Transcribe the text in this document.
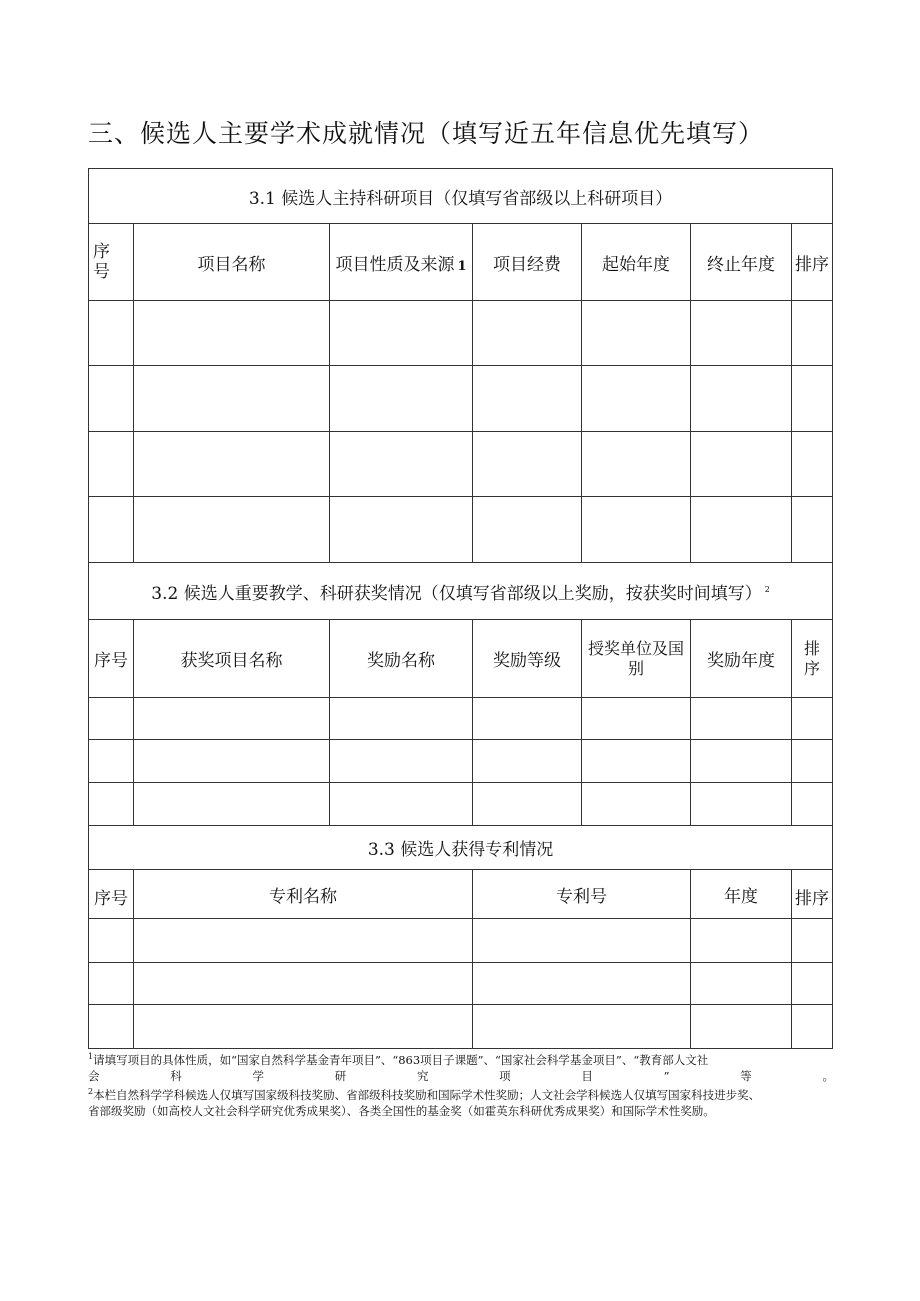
三、候选人主要学术成就情况（填写近五年信息优先填写）
3.1 候选人主持科研项目（仅填写省部级以上科研项目）						

序号	项目名称	项目性质及来源 1	项目经费	起始年度	终止年度	排序

3.2 候选人重要教学、科研获奖情况（仅填写省部级以上奖励，按获奖时间填写） $^2$
序号	获奖项目名称	奖励名称	奖励等级	授奖单位及国别	奖励年度	排序

3.3 候选人获得专利情况						
序号	专利名称		专利号		年度	排序

$^1$请填写项目的具体性质，如“国家自然科学基金青年项目”、“863项目子课题”、“国家社会科学基金项目”、“教育部人文社
会	科	学	研	究	项	目	”	等	。
$^2$本栏自然科学学科候选人仅填写国家级科技奖励、省部级科技奖励和国际学术性奖励；人文社会学科候选人仅填写国家科技进步奖、
省部级奖励（如高校人文社会科学研究优秀成果奖）、各类全国性的基金奖（如霍英东科研优秀成果奖）和国际学术性奖励。
